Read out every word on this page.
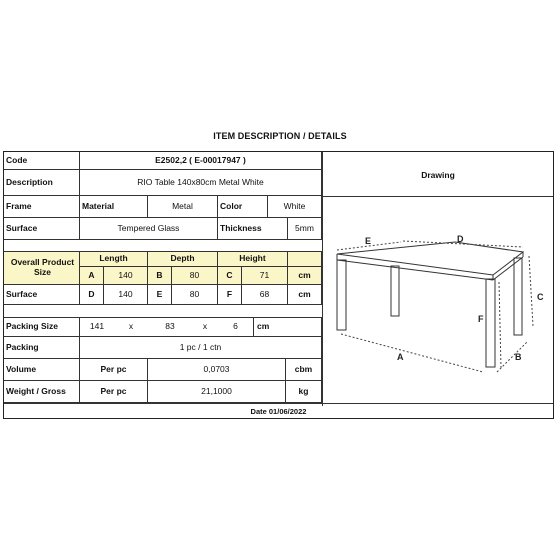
ITEM DESCRIPTION / DETAILS
Code	E2502,2 ( E-00017947 )
Description	RIO Table 140x80cm Metal White
Frame	Material	Metal	Color	White
Surface	Tempered Glass	Thickness	5mm
Overall Product Size
Length	Depth	Height
A	140	B	80	C	71	cm
Surface	D	140	E	80	F	68	cm
Packing Size	141	x	83	x	6	cm
Packing	1 pc / 1 ctn
Volume	Per pc	0,0703	cbm
Weight / Gross	Per pc	21,1000	kg
Drawing
E	D
C
F
A	B
Date 01/06/2022
